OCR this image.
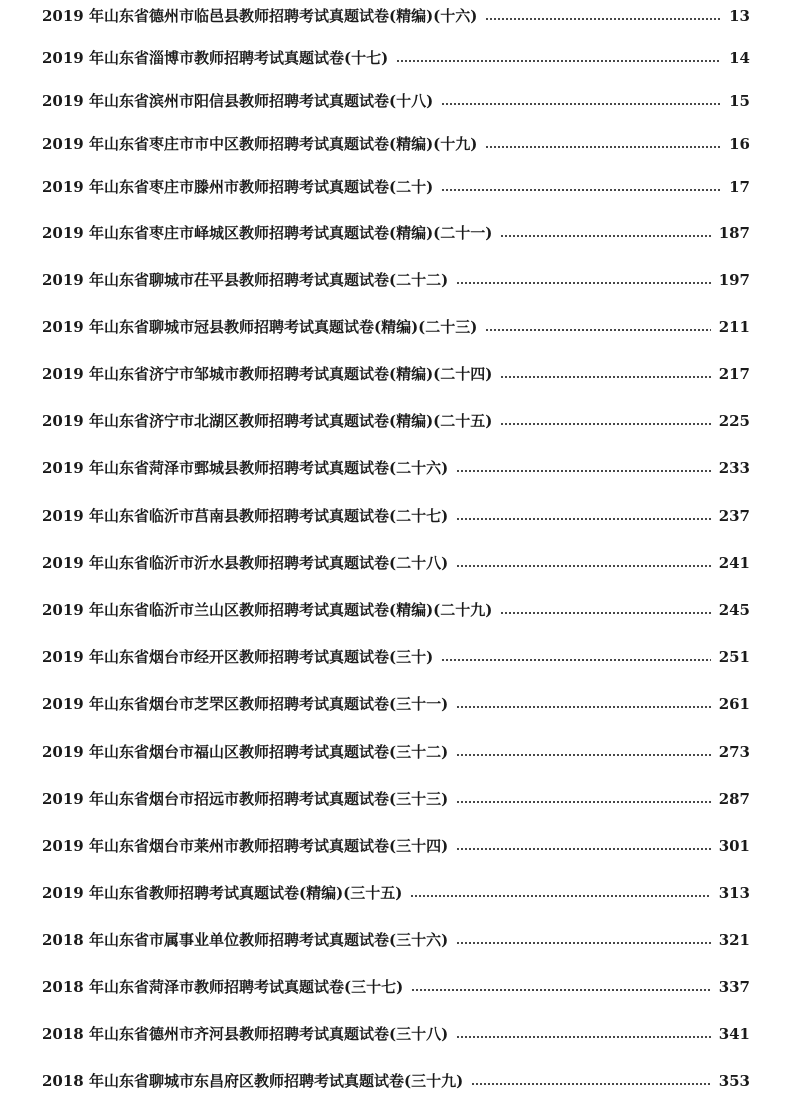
2019 年山东省德州市临邑县教师招聘考试真题试卷(精编)(十六)	13
2019 年山东省淄博市教师招聘考试真题试卷(十七)	14
2019 年山东省滨州市阳信县教师招聘考试真题试卷(十八)	15
2019 年山东省枣庄市市中区教师招聘考试真题试卷(精编)(十九)	16
2019 年山东省枣庄市滕州市教师招聘考试真题试卷(二十)	17
2019 年山东省枣庄市峄城区教师招聘考试真题试卷(精编)(二十一)	187
2019 年山东省聊城市茌平县教师招聘考试真题试卷(二十二)	197
2019 年山东省聊城市冠县教师招聘考试真题试卷(精编)(二十三)	211
2019 年山东省济宁市邹城市教师招聘考试真题试卷(精编)(二十四)	217
2019 年山东省济宁市北湖区教师招聘考试真题试卷(精编)(二十五)	225
2019 年山东省菏泽市鄄城县教师招聘考试真题试卷(二十六)	233
2019 年山东省临沂市莒南县教师招聘考试真题试卷(二十七)	237
2019 年山东省临沂市沂水县教师招聘考试真题试卷(二十八)	241
2019 年山东省临沂市兰山区教师招聘考试真题试卷(精编)(二十九)	245
2019 年山东省烟台市经开区教师招聘考试真题试卷(三十)	251
2019 年山东省烟台市芝罘区教师招聘考试真题试卷(三十一)	261
2019 年山东省烟台市福山区教师招聘考试真题试卷(三十二)	273
2019 年山东省烟台市招远市教师招聘考试真题试卷(三十三)	287
2019 年山东省烟台市莱州市教师招聘考试真题试卷(三十四)	301
2019 年山东省教师招聘考试真题试卷(精编)(三十五)	313
2018 年山东省市属事业单位教师招聘考试真题试卷(三十六)	321
2018 年山东省菏泽市教师招聘考试真题试卷(三十七)	337
2018 年山东省德州市齐河县教师招聘考试真题试卷(三十八)	341
2018 年山东省聊城市东昌府区教师招聘考试真题试卷(三十九)	353
